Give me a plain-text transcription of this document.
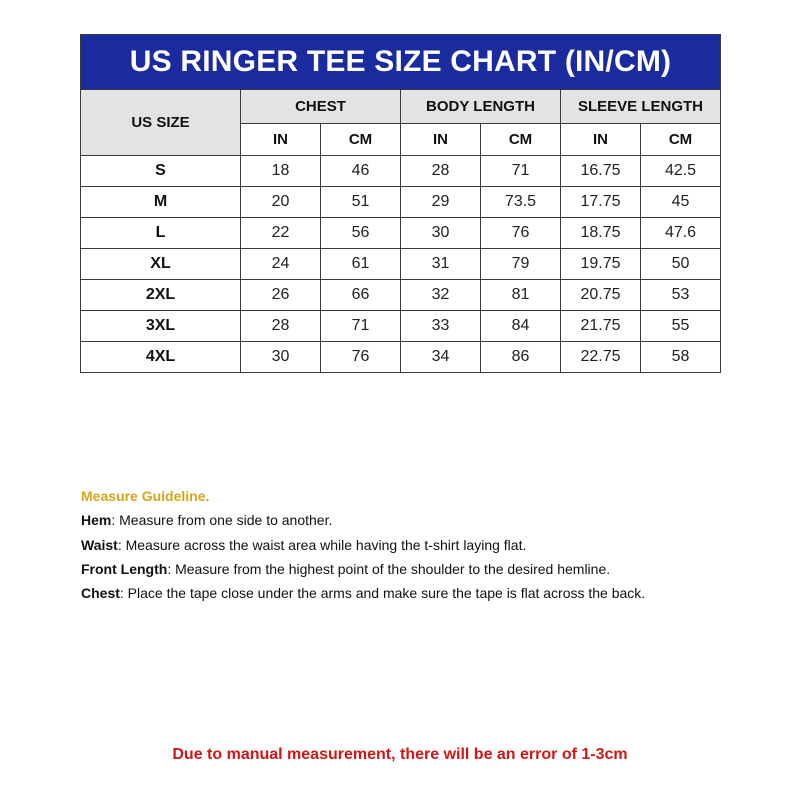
US RINGER TEE SIZE CHART (IN/CM)						
US SIZE	CHEST		BODY LENGTH		SLEEVE LENGTH	
	IN	CM	IN	CM	IN	CM
S	18	46	28	71	16.75	42.5
M	20	51	29	73.5	17.75	45
L	22	56	30	76	18.75	47.6
XL	24	61	31	79	19.75	50
2XL	26	66	32	81	20.75	53
3XL	28	71	33	84	21.75	55
4XL	30	76	34	86	22.75	58
Measure Guideline.
Hem: Measure from one side to another.
Waist: Measure across the waist area while having the t-shirt laying flat.
Front Length: Measure from the highest point of the shoulder to the desired hemline.
Chest: Place the tape close under the arms and make sure the tape is flat across the back.
Due to manual measurement, there will be an error of 1-3cm
